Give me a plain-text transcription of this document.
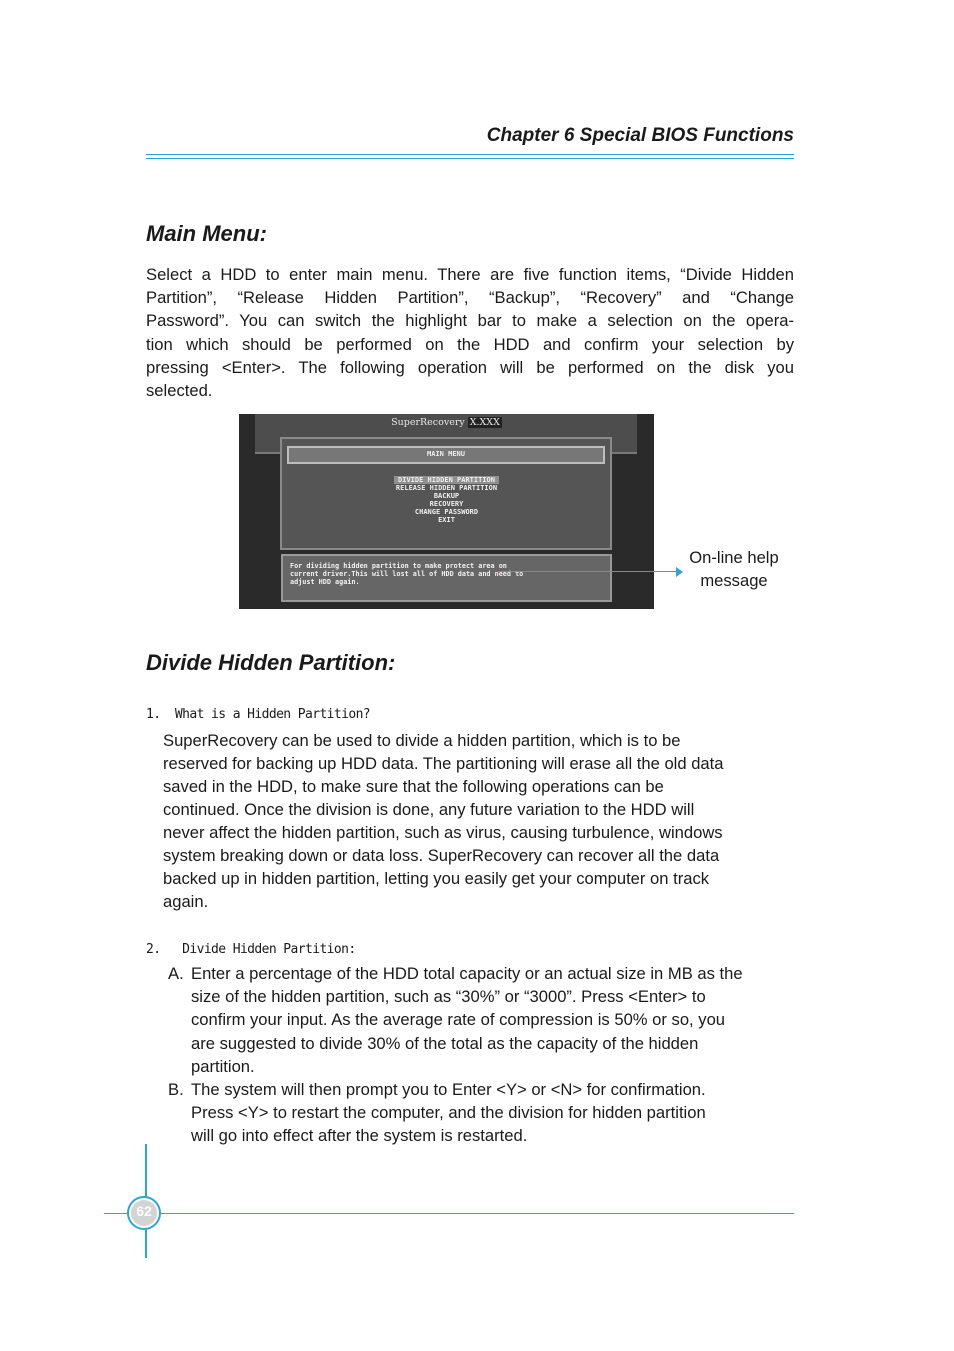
Chapter 6 Special BIOS Functions
Main Menu:
Select a HDD to enter main menu. There are five function items, “Divide Hidden
Partition”, “Release Hidden Partition”, “Backup”, “Recovery” and “Change
Password”. You can switch the highlight bar to make a selection on the opera-
tion which should be performed on the HDD and confirm your selection by
pressing <Enter>. The following operation will be performed on the disk you
selected.
SuperRecovery X.XXX
MAIN MENU
DIVIDE HIDDEN PARTITION
RELEASE HIDDEN PARTITION
BACKUP
RECOVERY
CHANGE PASSWORD
EXIT
For dividing hidden partition to make protect area on
current driver.This will lost all of HDD data and need to
adjust HDD again.
On-line help
message
Divide Hidden Partition:
1.  What is a Hidden Partition?
SuperRecovery can be used to divide a hidden partition, which is to be
reserved for backing up HDD data. The partitioning will erase all the old data
saved in the HDD, to make sure that the following operations can be
continued. Once the division is done, any future variation to the HDD will
never affect the hidden partition, such as virus, causing turbulence, windows
system breaking down or data loss. SuperRecovery can recover all the data
backed up in hidden partition, letting you easily get your computer on track
again.
2.   Divide Hidden Partition:
A. Enter a percentage of the HDD total capacity or an actual size in MB as the
size of the hidden partition, such as “30%” or “3000”. Press <Enter> to
confirm your input. As the average rate of compression is 50% or so, you
are suggested to divide 30% of the total as the capacity of the hidden
partition.
B. The system will then prompt you to Enter <Y> or <N> for confirmation.
Press <Y> to restart the computer, and the division for hidden partition
will go into effect after the system is restarted.
62
